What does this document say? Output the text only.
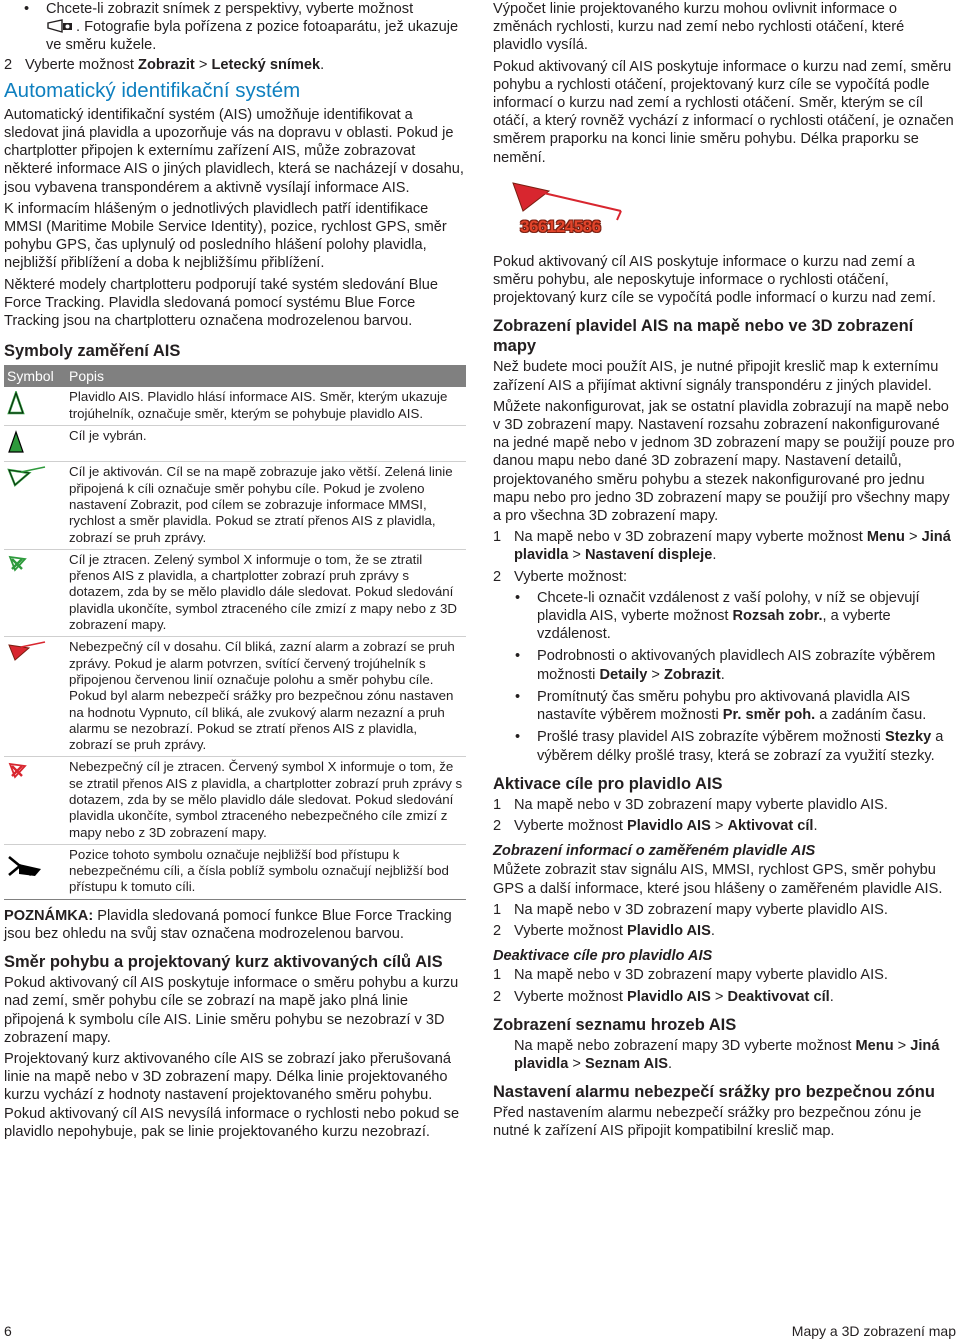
•	Chcete-li zobrazit snímek z perspektivy, vyberte možnost
. Fotografie byla pořízena z pozice fotoaparátu, jež ukazuje ve směru kužele.
2 Vyberte možnost Zobrazit > Letecký snímek.
Automatický identifikační systém

Automatický identifikační systém (AIS) umožňuje identifikovat a sledovat jiná plavidla a upozorňuje vás na dopravu v oblasti. Pokud je chartplotter připojen k externímu zařízení AIS, může zobrazovat některé informace AIS o jiných plavidlech, která se nacházejí v dosahu, jsou vybavena transpondérem a aktivně vysílají informace AIS.

K informacím hlášeným o jednotlivých plavidlech patří identifikace MMSI (Maritime Mobile Service Identity), pozice, rychlost GPS, směr pohybu GPS, čas uplynulý od posledního hlášení polohy plavidla, nejbližší přiblížení a doba k nejbližšímu přiblížení.

Některé modely chartplotteru podporují také systém sledování Blue Force Tracking. Plavidla sledovaná pomocí systému Blue Force Tracking jsou na chartplotteru označena modrozelenou barvou.

Symboly zaměření AIS
Symbol	Popis
	Plavidlo AIS. Plavidlo hlásí informace AIS. Směr, kterým ukazuje trojúhelník, označuje směr, kterým se pohybuje plavidlo AIS.
	Cíl je vybrán.
	Cíl je aktivován. Cíl se na mapě zobrazuje jako větší. Zelená linie připojená k cíli označuje směr pohybu cíle. Pokud je zvoleno nastavení Zobrazit, pod cílem se zobrazuje informace MMSI, rychlost a směr plavidla. Pokud se ztratí přenos AIS z plavidla, zobrazí se pruh zprávy.
	Cíl je ztracen. Zelený symbol X informuje o tom, že se ztratil přenos AIS z plavidla, a chartplotter zobrazí pruh zprávy s dotazem, zda by se mělo plavidlo dále sledovat. Pokud sledování plavidla ukončíte, symbol ztraceného cíle zmizí z mapy nebo z 3D zobrazení mapy.
	Nebezpečný cíl v dosahu. Cíl bliká, zazní alarm a zobrazí se pruh zprávy. Pokud je alarm potvrzen, svítící červený trojúhelník s připojenou červenou linií označuje polohu a směr pohybu cíle. Pokud byl alarm nebezpečí srážky pro bezpečnou zónu nastaven na hodnotu Vypnuto, cíl bliká, ale zvukový alarm nezazní a pruh alarmu se nezobrazí. Pokud se ztratí přenos AIS z plavidla, zobrazí se pruh zprávy.
	Nebezpečný cíl je ztracen. Červený symbol X informuje o tom, že se ztratil přenos AIS z plavidla, a chartplotter zobrazí pruh zprávy s dotazem, zda by se mělo plavidlo dále sledovat. Pokud sledování plavidla ukončíte, symbol ztraceného nebezpečného cíle zmizí z mapy nebo z 3D zobrazení mapy.
	Pozice tohoto symbolu označuje nejbližší bod přístupu k nebezpečnému cíli, a čísla poblíž symbolu označují nejbližší bod přístupu k tomuto cíli.

POZNÁMKA: Plavidla sledovaná pomocí funkce Blue Force Tracking jsou bez ohledu na svůj stav označena modrozelenou barvou.

Směr pohybu a projektovaný kurz aktivovaných cílů AIS

Pokud aktivovaný cíl AIS poskytuje informace o směru pohybu a kurzu nad zemí, směr pohybu cíle se zobrazí na mapě jako plná linie připojená k symbolu cíle AIS. Linie směru pohybu se nezobrazí v 3D zobrazení mapy.

Projektovaný kurz aktivovaného cíle AIS se zobrazí jako přerušovaná linie na mapě nebo v 3D zobrazení mapy. Délka linie projektovaného kurzu vychází z hodnoty nastavení projektovaného směru pohybu. Pokud aktivovaný cíl AIS nevysílá informace o rychlosti nebo pokud se plavidlo nepohybuje, pak se linie projektovaného kurzu nezobrazí.

Výpočet linie projektovaného kurzu mohou ovlivnit informace o změnách rychlosti, kurzu nad zemí nebo rychlosti otáčení, které plavidlo vysílá.

Pokud aktivovaný cíl AIS poskytuje informace o kurzu nad zemí, směru pohybu a rychlosti otáčení, projektovaný kurz cíle se vypočítá podle informací o kurzu nad zemí a rychlosti otáčení. Směr, kterým se cíl otáčí, a který rovněž vychází z informací o rychlosti otáčení, je označen směrem praporku na konci linie směru pohybu. Délka praporku se nemění.

366124586

Pokud aktivovaný cíl AIS poskytuje informace o kurzu nad zemí a směru pohybu, ale neposkytuje informace o rychlosti otáčení, projektovaný kurz cíle se vypočítá podle informací o kurzu nad zemí.

Zobrazení plavidel AIS na mapě nebo ve 3D zobrazení mapy

Než budete moci použít AIS, je nutné připojit kreslič map k externímu zařízení AIS a přijímat aktivní signály transpondéru z jiných plavidel.

Můžete nakonfigurovat, jak se ostatní plavidla zobrazují na mapě nebo v 3D zobrazení mapy. Nastavení rozsahu zobrazení nakonfigurované na jedné mapě nebo v jednom 3D zobrazení mapy se použijí pouze pro danou mapu nebo dané 3D zobrazení mapy. Nastavení detailů, projektovaného směru pohybu a stezek nakonfigurované pro jednu mapu nebo pro jedno 3D zobrazení mapy se použijí pro všechny mapy a pro všechna 3D zobrazení mapy.

1 Na mapě nebo v 3D zobrazení mapy vyberte možnost Menu > Jiná plavidla > Nastavení displeje.
2 Vyberte možnost:
•	Chcete-li označit vzdálenost z vaší polohy, v níž se objevují plavidla AIS, vyberte možnost Rozsah zobr., a vyberte vzdálenost.
•	Podrobnosti o aktivovaných plavidlech AIS zobrazíte výběrem možnosti Detaily > Zobrazit.
•	Promítnutý čas směru pohybu pro aktivovaná plavidla AIS nastavíte výběrem možnosti Pr. směr poh. a zadáním času.
•	Prošlé trasy plavidel AIS zobrazíte výběrem možnosti Stezky a výběrem délky prošlé trasy, která se zobrazí za využití stezky.
Aktivace cíle pro plavidlo AIS
1 Na mapě nebo v 3D zobrazení mapy vyberte plavidlo AIS.
2 Vyberte možnost Plavidlo AIS > Aktivovat cíl.
Zobrazení informací o zaměřeném plavidle AIS

Můžete zobrazit stav signálu AIS, MMSI, rychlost GPS, směr pohybu GPS a další informace, které jsou hlášeny o zaměřeném plavidle AIS.

1 Na mapě nebo v 3D zobrazení mapy vyberte plavidlo AIS.
2 Vyberte možnost Plavidlo AIS.
Deaktivace cíle pro plavidlo AIS
1 Na mapě nebo v 3D zobrazení mapy vyberte plavidlo AIS.
2 Vyberte možnost Plavidlo AIS > Deaktivovat cíl.
Zobrazení seznamu hrozeb AIS

Na mapě nebo zobrazení mapy 3D vyberte možnost Menu > Jiná plavidla > Seznam AIS.

Nastavení alarmu nebezpečí srážky pro bezpečnou zónu

Před nastavením alarmu nebezpečí srážky pro bezpečnou zónu je nutné k zařízení AIS připojit kompatibilní kreslič map.

6	Mapy a 3D zobrazení map
